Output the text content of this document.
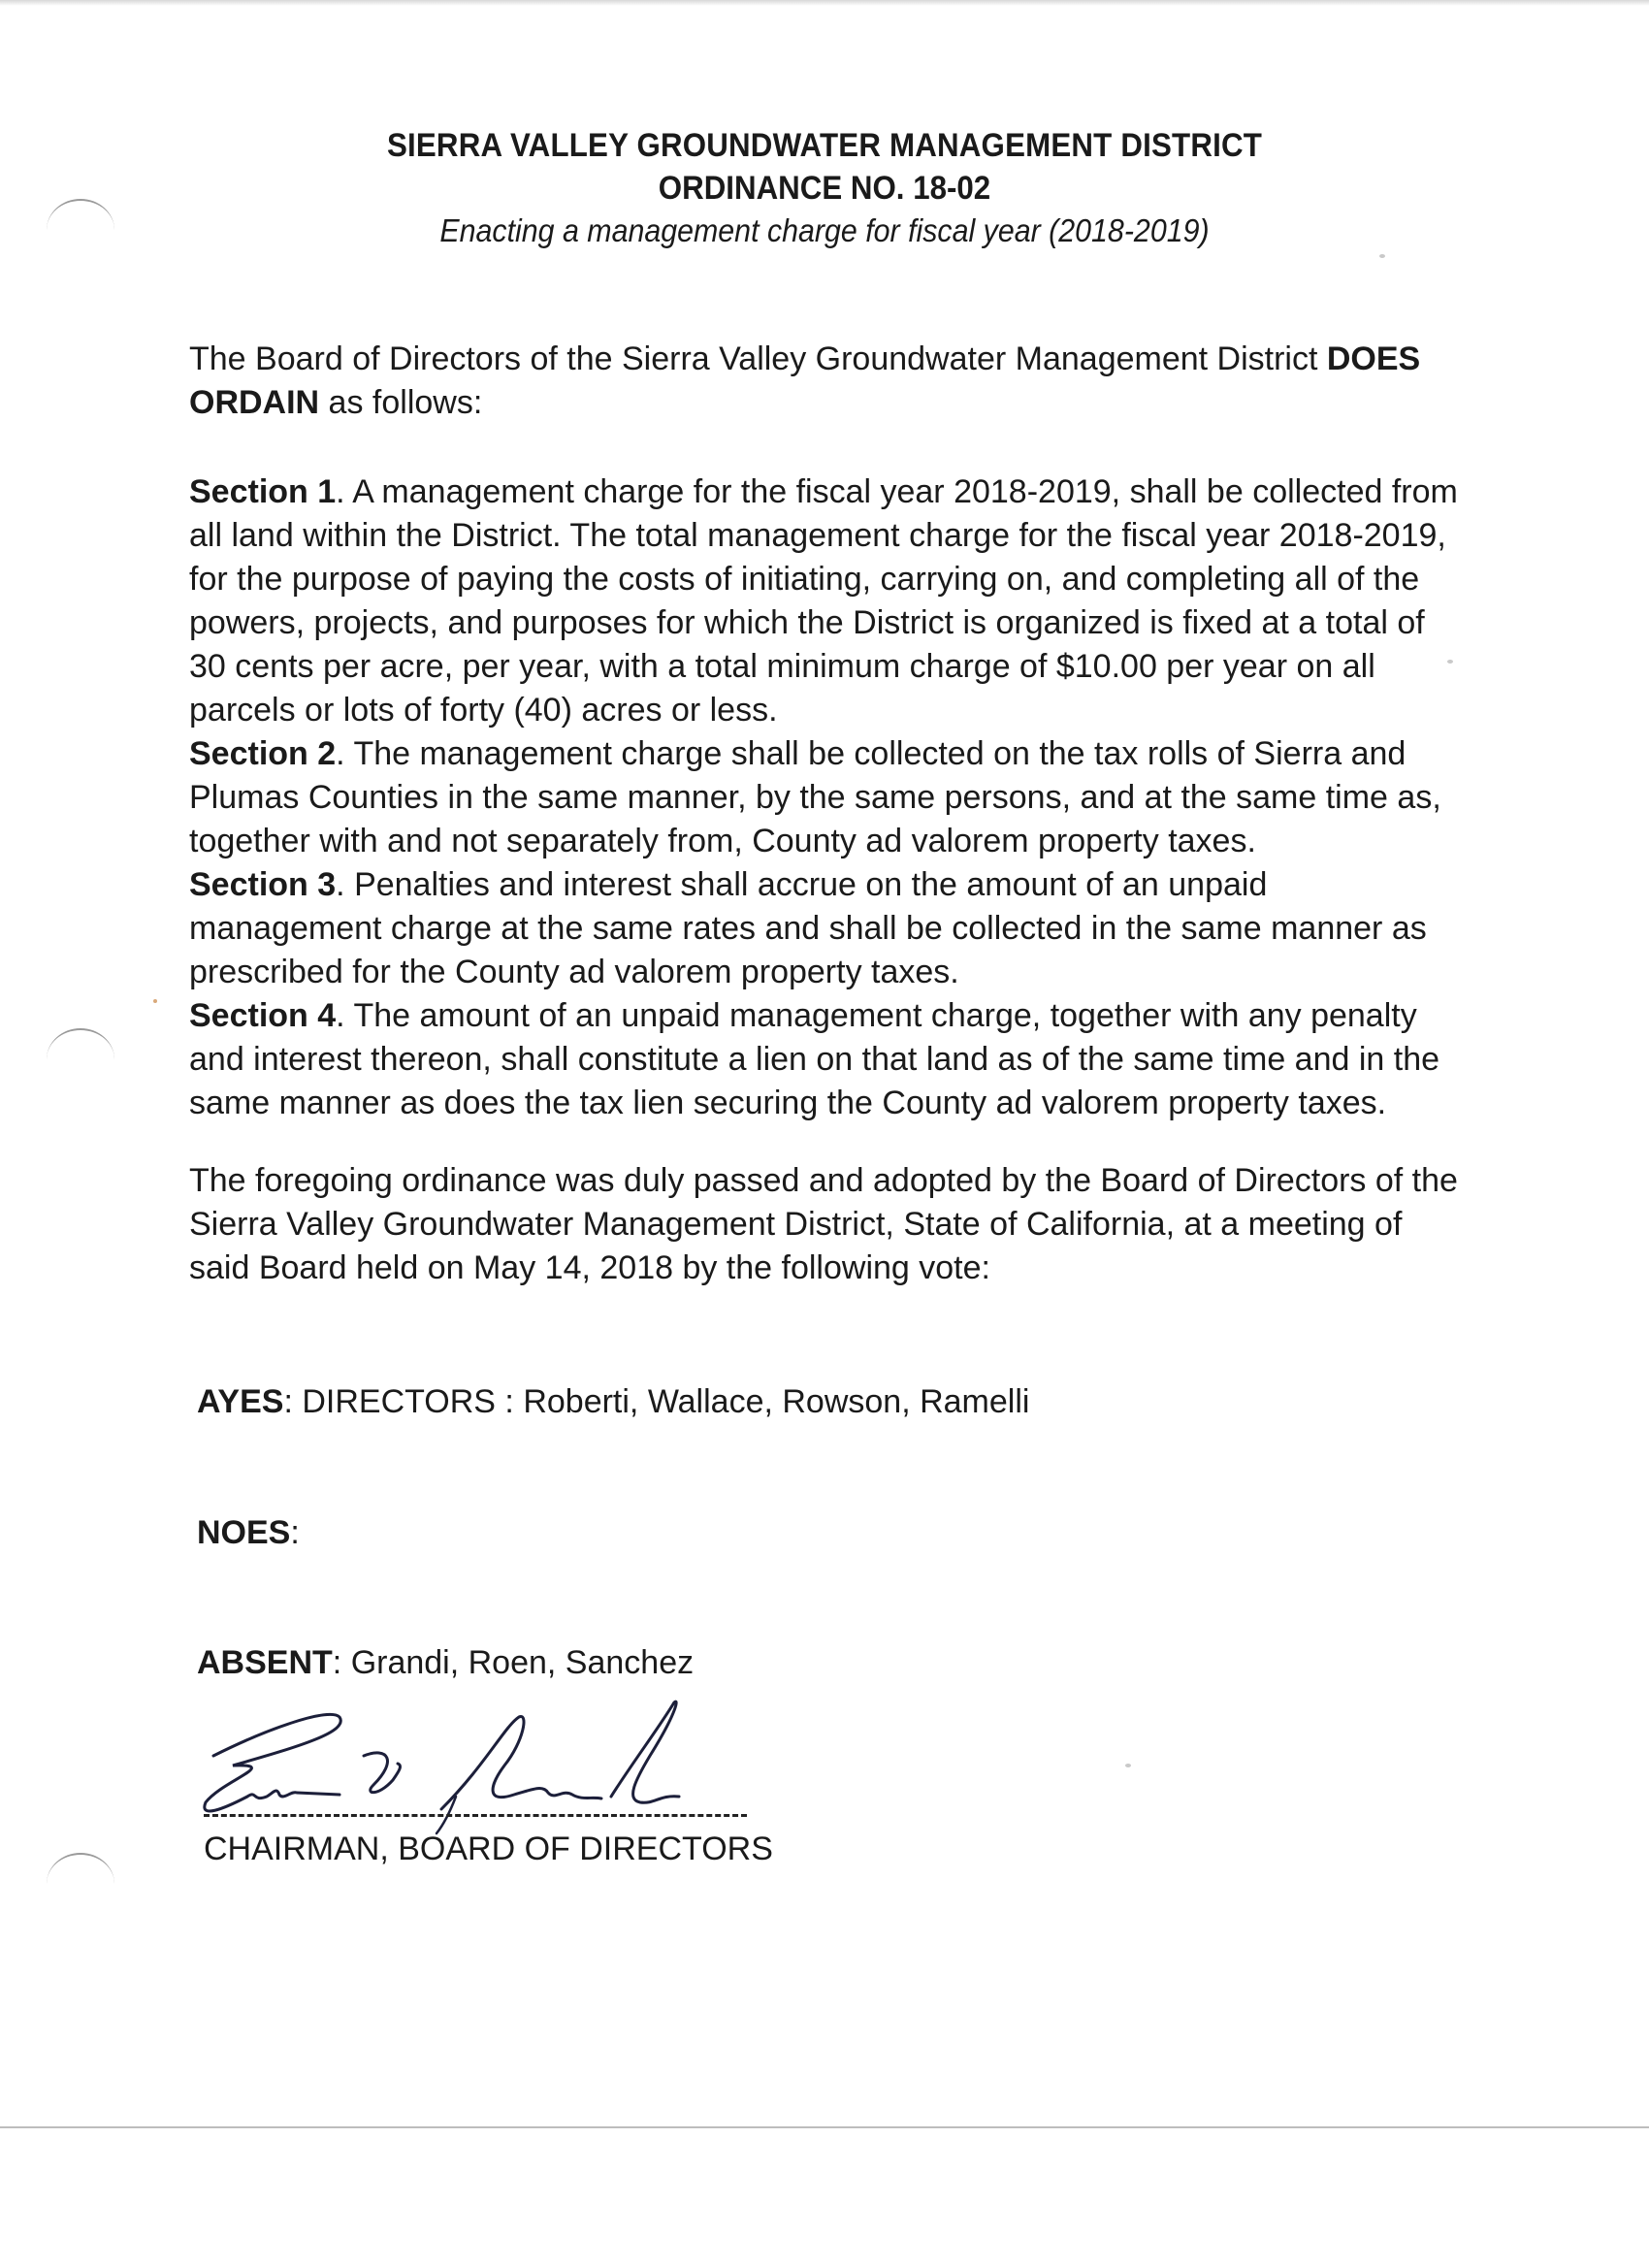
SIERRA VALLEY GROUNDWATER MANAGEMENT DISTRICT
ORDINANCE NO. 18-02
Enacting a management charge for fiscal year (2018-2019)
The Board of Directors of the Sierra Valley Groundwater Management District DOES ORDAIN as follows:

Section 1. A management charge for the fiscal year 2018-2019, shall be collected from all land within the District. The total management charge for the fiscal year 2018-2019, for the purpose of paying the costs of initiating, carrying on, and completing all of the powers, projects, and purposes for which the District is organized is fixed at a total of 30 cents per acre, per year, with a total minimum charge of $10.00 per year on all parcels or lots of forty (40) acres or less.

Section 2. The management charge shall be collected on the tax rolls of Sierra and Plumas Counties in the same manner, by the same persons, and at the same time as, together with and not separately from, County ad valorem property taxes.

Section 3. Penalties and interest shall accrue on the amount of an unpaid management charge at the same rates and shall be collected in the same manner as prescribed for the County ad valorem property taxes.

Section 4. The amount of an unpaid management charge, together with any penalty and interest thereon, shall constitute a lien on that land as of the same time and in the same manner as does the tax lien securing the County ad valorem property taxes.

The foregoing ordinance was duly passed and adopted by the Board of Directors of the Sierra Valley Groundwater Management District, State of California, at a meeting of said Board held on May 14, 2018 by the following vote:
AYES: DIRECTORS : Roberti, Wallace, Rowson, Ramelli
NOES:
ABSENT: Grandi, Roen, Sanchez
CHAIRMAN, BOARD OF DIRECTORS
